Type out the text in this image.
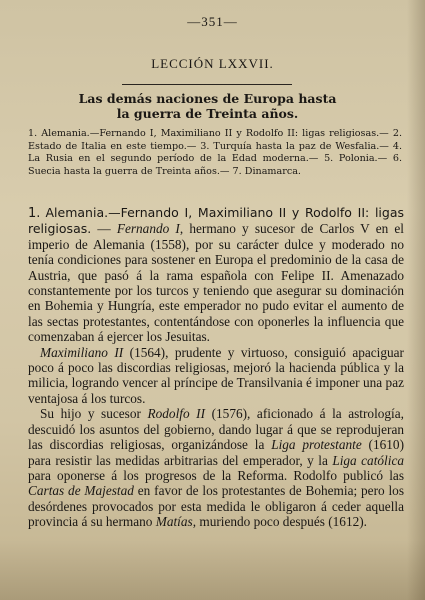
—351—
LECCIÓN LXXVII.
Las demás naciones de Europa hasta
la guerra de Treinta años.
1. Alemania.—Fernando I, Maximiliano II y Rodolfo II: ligas religiosas.— 2. Estado de Italia en este tiempo.— 3. Turquía hasta la paz de Wesfalia.— 4. La Rusia en el segundo período de la Edad moderna.— 5. Polonia.— 6. Suecia hasta la guerra de Treinta años.— 7. Dinamarca.

1. Alemania.—Fernando I, Maximiliano II y Rodolfo II: ligas religiosas. — Fernando I, hermano y sucesor de Carlos V en el imperio de Alemania (1558), por su carácter dulce y moderado no tenía condiciones para sostener en Europa el predominio de la casa de Austria, que pasó á la rama española con Felipe II. Amenazado constantemente por los turcos y teniendo que asegurar su dominación en Bohemia y Hungría, este emperador no pudo evitar el aumento de las sectas protestantes, contentándose con oponerles la influencia que comenzaban á ejercer los Jesuitas.

Maximiliano II (1564), prudente y virtuoso, consiguió apaciguar poco á poco las discordias religiosas, mejoró la hacienda pública y la milicia, logrando vencer al príncipe de Transilvania é imponer una paz ventajosa á los turcos.

Su hijo y sucesor Rodolfo II (1576), aficionado á la astrología, descuidó los asuntos del gobierno, dando lugar á que se reprodujeran las discordias religiosas, organizándose la Liga protestante (1610) para resistir las medidas arbitrarias del emperador, y la Liga católica para oponerse á los progresos de la Reforma. Rodolfo publicó las Cartas de Majestad en favor de los protestantes de Bohemia; pero los desórdenes provocados por esta medida le obligaron á ceder aquella provincia á su hermano Matías, muriendo poco después (1612).
